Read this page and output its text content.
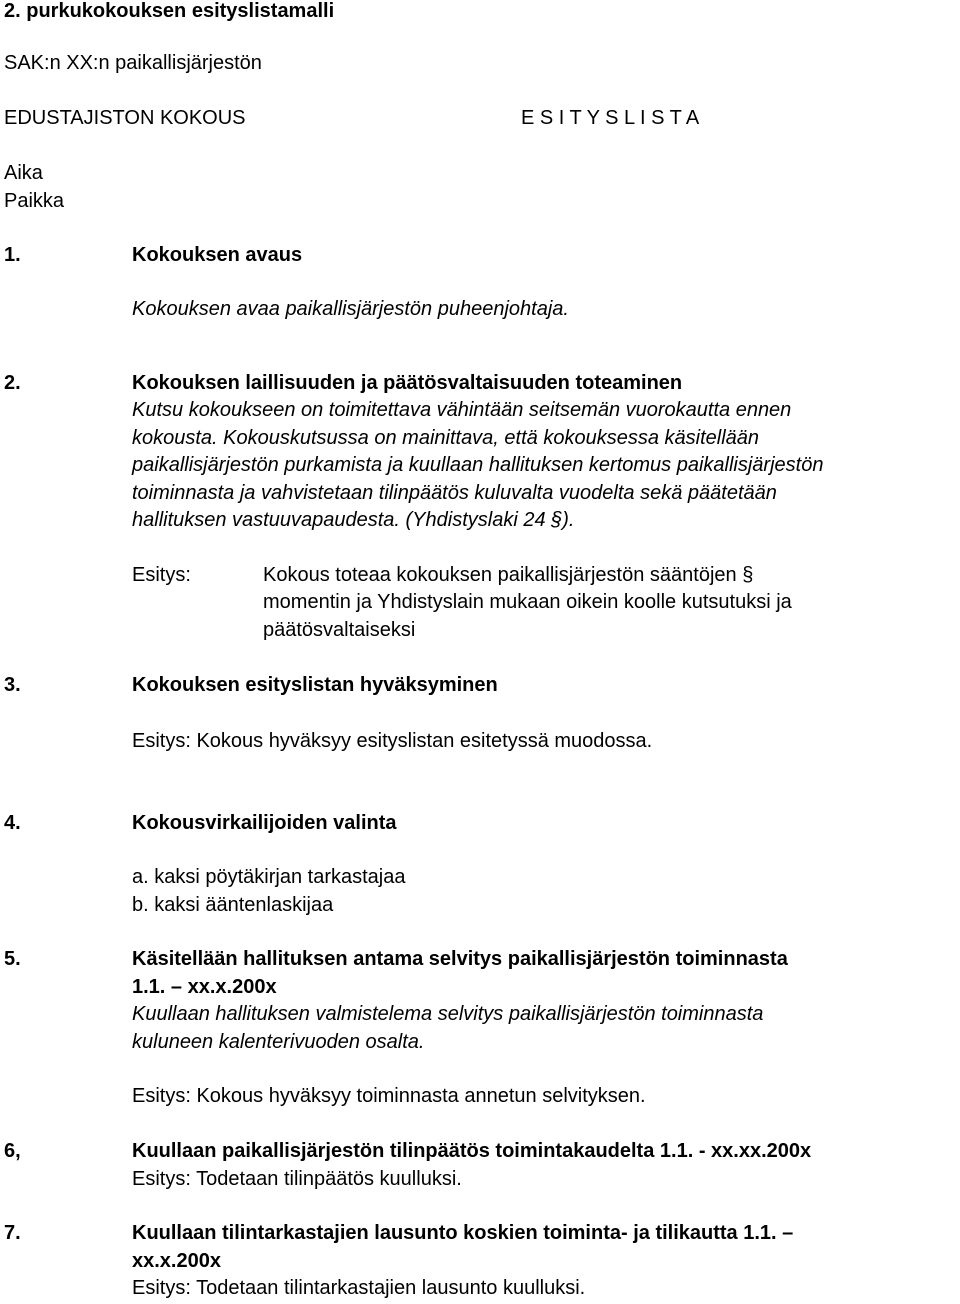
2. purkukokouksen esityslistamalli
SAK:n XX:n paikallisjärjestön
EDUSTAJISTON KOKOUS	E S I T Y S L I S T A
Aika
Paikka
1.	Kokouksen avaus
Kokouksen avaa paikallisjärjestön puheenjohtaja.
2.	Kokouksen laillisuuden ja päätösvaltaisuuden toteaminen
Kutsu kokoukseen on toimitettava vähintään seitsemän vuorokautta ennen
kokousta. Kokouskutsussa on mainittava, että kokouksessa käsitellään
paikallisjärjestön purkamista ja kuullaan hallituksen kertomus paikallisjärjestön
toiminnasta ja vahvistetaan tilinpäätös kuluvalta vuodelta sekä päätetään
hallituksen vastuuvapaudesta. (Yhdistyslaki 24 §).
Esitys:	Kokous toteaa kokouksen paikallisjärjestön sääntöjen §
momentin ja Yhdistyslain mukaan oikein koolle kutsutuksi ja
päätösvaltaiseksi
3.	Kokouksen esityslistan hyväksyminen
Esitys: Kokous hyväksyy esityslistan esitetyssä muodossa.
4.	Kokousvirkailijoiden valinta
a. kaksi pöytäkirjan tarkastajaa
b. kaksi ääntenlaskijaa
5.	Käsitellään hallituksen antama selvitys paikallisjärjestön toiminnasta
1.1. – xx.x.200x
Kuullaan hallituksen valmistelema selvitys paikallisjärjestön toiminnasta
kuluneen kalenterivuoden osalta.
Esitys: Kokous hyväksyy toiminnasta annetun selvityksen.
6,	Kuullaan paikallisjärjestön tilinpäätös toimintakaudelta 1.1. - xx.xx.200x
Esitys: Todetaan tilinpäätös kuulluksi.
7.	Kuullaan tilintarkastajien lausunto koskien toiminta- ja tilikautta 1.1. –
xx.x.200x
Esitys: Todetaan tilintarkastajien lausunto kuulluksi.
